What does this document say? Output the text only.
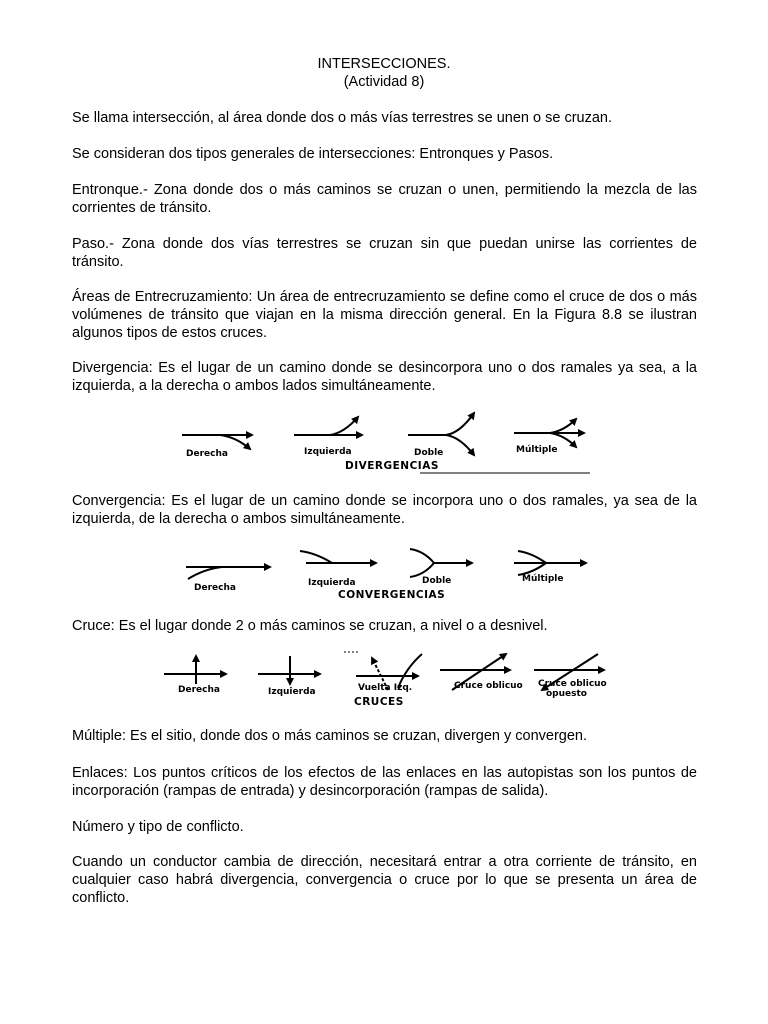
INTERSECCIONES.
(Actividad 8)

Se llama intersección, al área donde dos o más vías terrestres se unen o se cruzan.

Se consideran dos tipos generales de intersecciones: Entronques y Pasos.

Entronque.- Zona donde dos o más caminos se cruzan o unen, permitiendo la mezcla de las corrientes de tránsito.

Paso.- Zona donde dos vías terrestres se cruzan sin que puedan unirse las corrientes de tránsito.

Áreas de Entrecruzamiento: Un área de entrecruzamiento se define como el cruce de dos o más volúmenes de tránsito que viajan en la misma dirección general. En la Figura 8.8 se ilustran algunos tipos de estos cruces.

Divergencia: Es el lugar de un camino donde se desincorpora uno o dos ramales ya sea, a la izquierda, a la derecha o ambos lados simultáneamente.

Derecha	Izquierda	Doble	Múltiple
DIVERGENCIAS

Convergencia: Es el lugar de un camino donde se incorpora uno o dos ramales, ya sea de la izquierda, de la derecha o ambos simultáneamente.

Derecha	Izquierda	Doble	Múltiple
CONVERGENCIAS

Cruce: Es el lugar donde 2 o más caminos se cruzan, a nivel o a desnivel.

Derecha	Izquierda	Vuelta Izq.	Cruce oblicuo Cruce oblicuo
opuesto
CRUCES

Múltiple: Es el sitio, donde dos o más caminos se cruzan, divergen y convergen.

Enlaces: Los puntos críticos de los efectos de las enlaces en las autopistas son los puntos de incorporación (rampas de entrada) y desincorporación (rampas de salida).

Número y tipo de conflicto.

Cuando un conductor cambia de dirección, necesitará entrar a otra corriente de tránsito, en cualquier caso habrá divergencia, convergencia o cruce por lo que se presenta un área de conflicto.
